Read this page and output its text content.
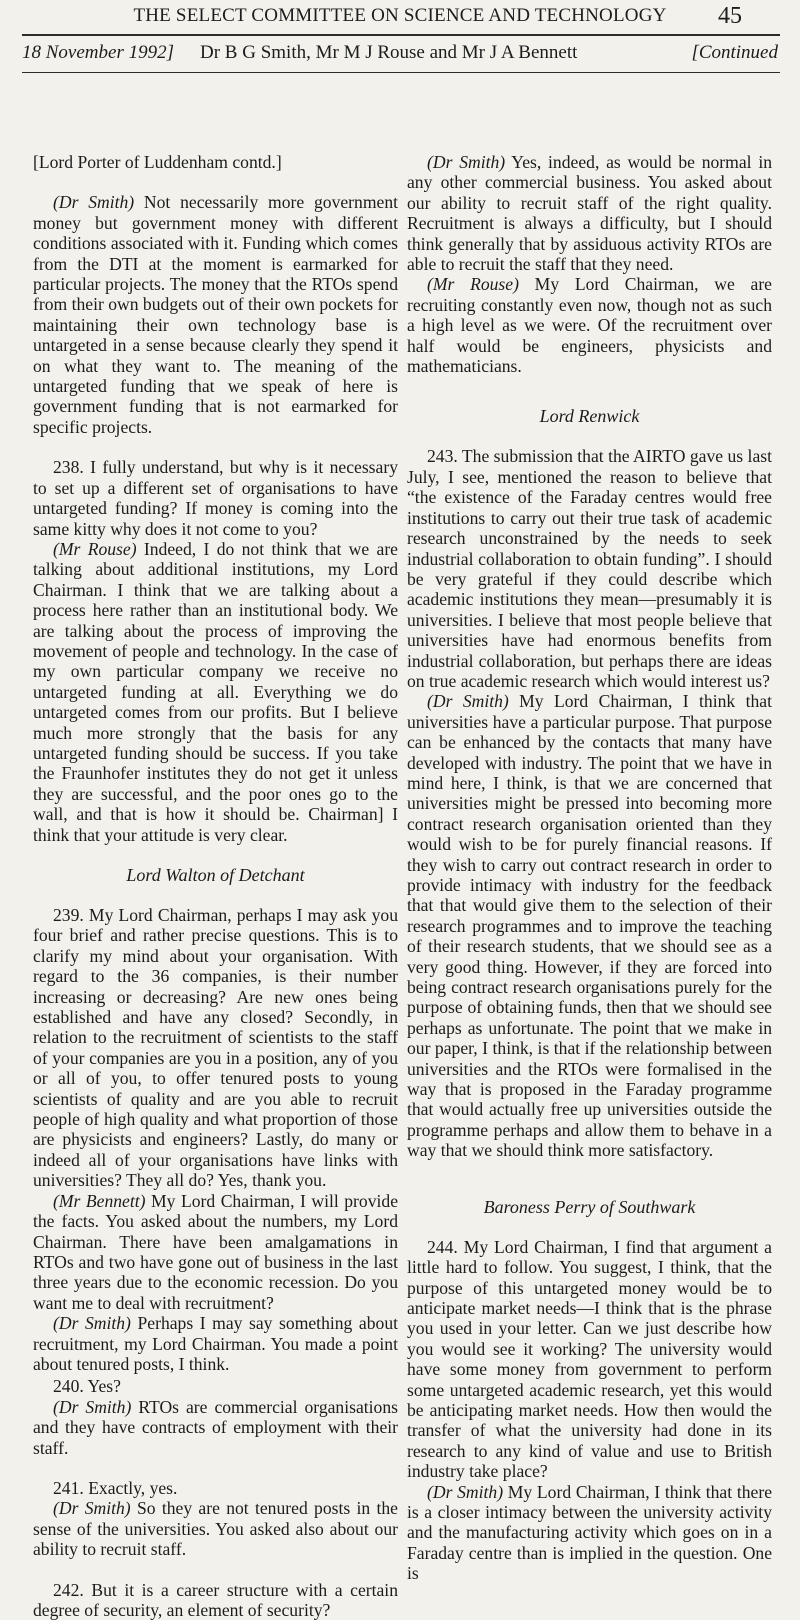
THE SELECT COMMITTEE ON SCIENCE AND TECHNOLOGY	45
18 November 1992] Dr B G Smith, Mr M J Rouse and Mr J A Bennett	[Continued

[Lord Porter of Luddenham contd.]

(Dr Smith) Not necessarily more government money but government money with different conditions associated with it. Funding which comes from the DTI at the moment is earmarked for particular projects. The money that the RTOs spend from their own budgets out of their own pockets for maintaining their own technology base is untargeted in a sense because clearly they spend it on what they want to. The meaning of the untargeted funding that we speak of here is government funding that is not earmarked for specific projects.

238. I fully understand, but why is it necessary to set up a different set of organisations to have untargeted funding? If money is coming into the same kitty why does it not come to you?

(Mr Rouse) Indeed, I do not think that we are talking about additional institutions, my Lord Chairman. I think that we are talking about a process here rather than an institutional body. We are talking about the process of improving the movement of people and technology. In the case of my own particular company we receive no untargeted funding at all. Everything we do untargeted comes from our profits. But I believe much more strongly that the basis for any untargeted funding should be success. If you take the Fraunhofer institutes they do not get it unless they are successful, and the poor ones go to the wall, and that is how it should be. Chairman] I think that your attitude is very clear.

Lord Walton of Detchant

239. My Lord Chairman, perhaps I may ask you four brief and rather precise questions. This is to clarify my mind about your organisation. With regard to the 36 companies, is their number increasing or decreasing? Are new ones being established and have any closed? Secondly, in relation to the recruitment of scientists to the staff of your companies are you in a position, any of you or all of you, to offer tenured posts to young scientists of quality and are you able to recruit people of high quality and what proportion of those are physicists and engineers? Lastly, do many or indeed all of your organisations have links with universities? They all do? Yes, thank you.

(Mr Bennett) My Lord Chairman, I will provide the facts. You asked about the numbers, my Lord Chairman. There have been amalgamations in RTOs and two have gone out of business in the last three years due to the economic recession. Do you want me to deal with recruitment?

(Dr Smith) Perhaps I may say something about recruitment, my Lord Chairman. You made a point about tenured posts, I think.

240. Yes?

(Dr Smith) RTOs are commercial organisations and they have contracts of employment with their staff.

241. Exactly, yes.

(Dr Smith) So they are not tenured posts in the sense of the universities. You asked also about our ability to recruit staff.

242. But it is a career structure with a certain degree of security, an element of security?

(Dr Smith) Yes, indeed, as would be normal in any other commercial business. You asked about our ability to recruit staff of the right quality. Recruitment is always a difficulty, but I should think generally that by assiduous activity RTOs are able to recruit the staff that they need.

(Mr Rouse) My Lord Chairman, we are recruiting constantly even now, though not as such a high level as we were. Of the recruitment over half would be engineers, physicists and mathematicians.

Lord Renwick

243. The submission that the AIRTO gave us last July, I see, mentioned the reason to believe that “the existence of the Faraday centres would free institutions to carry out their true task of academic research unconstrained by the needs to seek industrial collaboration to obtain funding”. I should be very grateful if they could describe which academic institutions they mean—presumably it is universities. I believe that most people believe that universities have had enormous benefits from industrial collaboration, but perhaps there are ideas on true academic research which would interest us?

(Dr Smith) My Lord Chairman, I think that universities have a particular purpose. That purpose can be enhanced by the contacts that many have developed with industry. The point that we have in mind here, I think, is that we are concerned that universities might be pressed into becoming more contract research organisation oriented than they would wish to be for purely financial reasons. If they wish to carry out contract research in order to provide intimacy with industry for the feedback that that would give them to the selection of their research programmes and to improve the teaching of their research students, that we should see as a very good thing. However, if they are forced into being contract research organisations purely for the purpose of obtaining funds, then that we should see perhaps as unfortunate. The point that we make in our paper, I think, is that if the relationship between universities and the RTOs were formalised in the way that is proposed in the Faraday programme that would actually free up universities outside the programme perhaps and allow them to behave in a way that we should think more satisfactory.

Baroness Perry of Southwark

244. My Lord Chairman, I find that argument a little hard to follow. You suggest, I think, that the purpose of this untargeted money would be to anticipate market needs—I think that is the phrase you used in your letter. Can we just describe how you would see it working? The university would have some money from government to perform some untargeted academic research, yet this would be anticipating market needs. How then would the transfer of what the university had done in its research to any kind of value and use to British industry take place?

(Dr Smith) My Lord Chairman, I think that there is a closer intimacy between the university activity and the manufacturing activity which goes on in a Faraday centre than is implied in the question. One is
